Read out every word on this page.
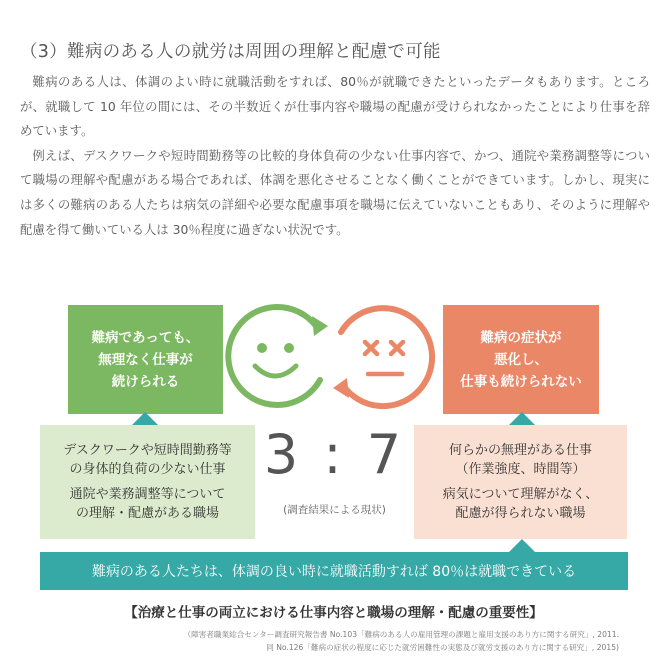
（3）難病のある人の就労は周囲の理解と配慮で可能

難病のある人は、体調のよい時に就職活動をすれば、80％が就職できたといったデータもあります。ところが、就職して 10 年位の間には、その半数近くが仕事内容や職場の配慮が受けられなかったことにより仕事を辞めています。

例えば、デスクワークや短時間勤務等の比較的身体負荷の少ない仕事内容で、かつ、通院や業務調整等について職場の理解や配慮がある場合であれば、体調を悪化させることなく働くことができています。しかし、現実には多くの難病のある人たちは病気の詳細や必要な配慮事項を職場に伝えていないこともあり、そのように理解や配慮を得て働いている人は 30％程度に過ぎない状況です。

難病であっても、
無理なく仕事が
続けられる
難病の症状が
悪化し、
仕事も続けられない
デスクワークや短時間勤務等
の身体的負荷の少ない仕事
通院や業務調整等について
の理解・配慮がある職場
何らかの無理がある仕事
（作業強度、時間等）
病気について理解がなく、
配慮が得られない職場
3 : 7
(調査結果による現状)
難病のある人たちは、体調の良い時に就職活動すれば 80％は就職できている
【治療と仕事の両立における仕事内容と職場の理解・配慮の重要性】
（障害者職業総合センター調査研究報告書 No.103「難病のある人の雇用管理の課題と雇用支援のあり方に関する研究」, 2011.
同 No.126「難病の症状の程度に応じた就労困難性の実態及び就労支援のあり方に関する研究」, 2015)
